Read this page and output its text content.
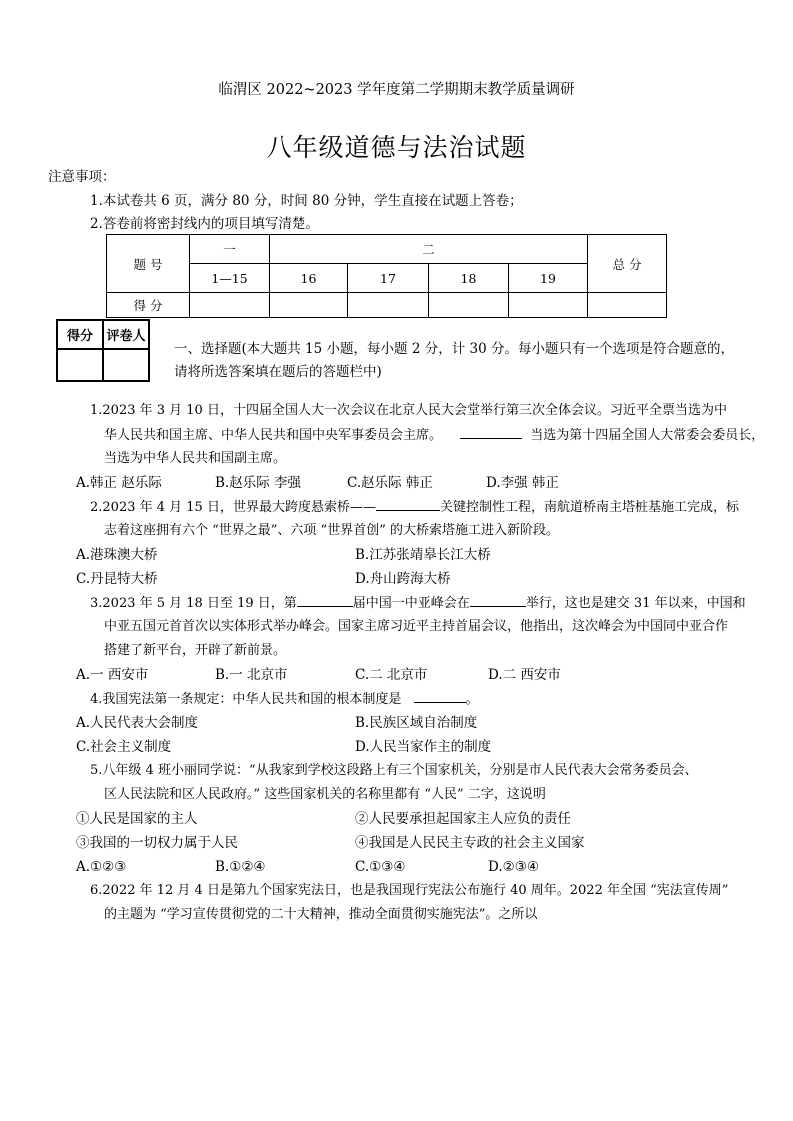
临渭区 2022~2023 学年度第二学期期末教学质量调研
八年级道德与法治试题
注意事项：
1.本试卷共 6 页，满分 80 分，时间 80 分钟，学生直接在试题上答卷；
2.答卷前将密封线内的项目填写清楚。
题 号	一	二				总 分
	1—15	16	17	18	19	
得 分						
得分	评卷人

一、选择题(本大题共 15 小题，每小题 2 分，计 30 分。每小题只有一个选项是符合题意的，
请将所选答案填在题后的答题栏中)
1.2023 年 3 月 10 日，十四届全国人大一次会议在北京人民大会堂举行第三次全体会议。习近平全票当选为中
华人民共和国主席、中华人民共和国中央军事委员会主席。	当选为第十四届全国人大常委会委员长，
当选为中华人民共和国副主席。
A.韩正 赵乐际	B.赵乐际 李强	C.赵乐际 韩正	D.李强 韩正
2.2023 年 4 月 15 日，世界最大跨度悬索桥——	关键控制性工程，南航道桥南主塔桩基施工完成，标
志着这座拥有六个 “世界之最”、六项 “世界首创” 的大桥索塔施工进入新阶段。
A.港珠澳大桥	B.江苏张靖皋长江大桥
C.丹昆特大桥	D.舟山跨海大桥
3.2023 年 5 月 18 日至 19 日，第	届中国一中亚峰会在	举行，这也是建交 31 年以来，中国和
中亚五国元首首次以实体形式举办峰会。国家主席习近平主持首届会议，他指出，这次峰会为中国同中亚合作
搭建了新平台，开辟了新前景。
A.一 西安市	B.一 北京市	C.二 北京市	D.二 西安市
4.我国宪法第一条规定：中华人民共和国的根本制度是	。
A.人民代表大会制度	B.民族区域自治制度
C.社会主义制度	D.人民当家作主的制度
5.八年级 4 班小丽同学说：“从我家到学校这段路上有三个国家机关，分别是市人民代表大会常务委员会、
区人民法院和区人民政府。” 这些国家机关的名称里都有 “人民” 二字，这说明
①人民是国家的主人	②人民要承担起国家主人应负的责任
③我国的一切权力属于人民	④我国是人民民主专政的社会主义国家
A.①②③	B.①②④	C.①③④	D.②③④
6.2022 年 12 月 4 日是第九个国家宪法日，也是我国现行宪法公布施行 40 周年。2022 年全国 “宪法宣传周”
的主题为 “学习宣传贯彻党的二十大精神，推动全面贯彻实施宪法”。之所以
